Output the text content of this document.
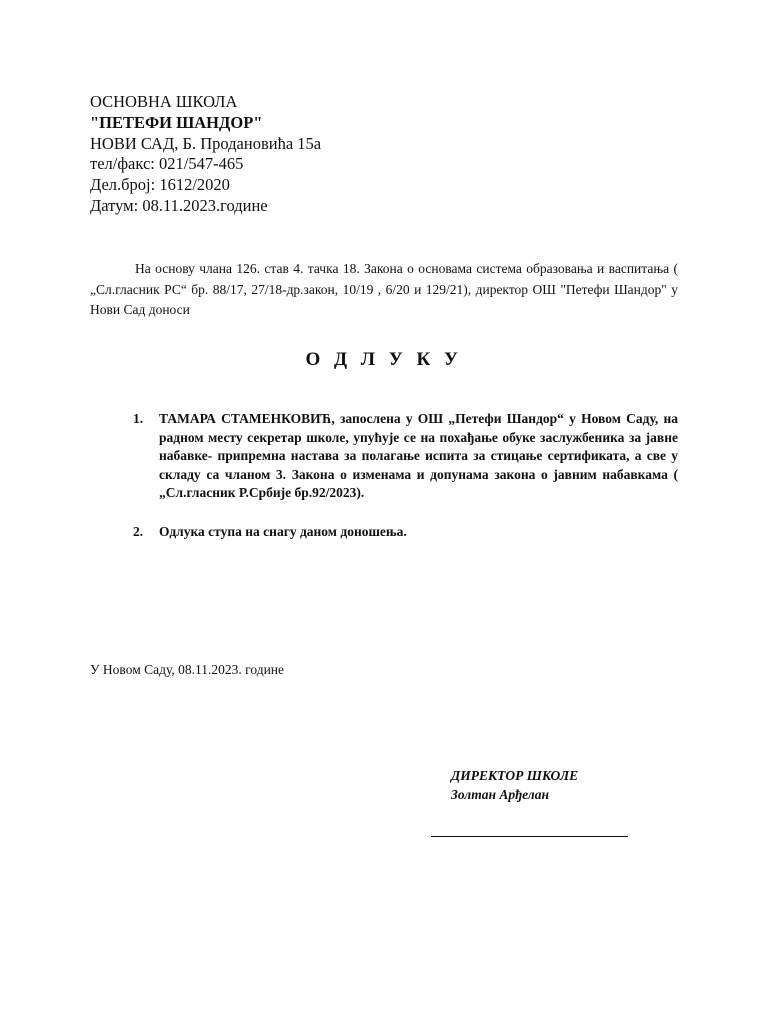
ОСНОВНА ШКОЛА
"ПЕТЕФИ ШАНДОР"
НОВИ САД, Б. Продановића 15а
тел/факс: 021/547-465
Дел.број: 1612/2020
Датум: 08.11.2023.године
На основу члана 126. став 4. тачка 18. Закона о основама система образовања и васпитања ( „Сл.гласник РС“ бр. 88/17, 27/18-др.закон, 10/19 , 6/20 и 129/21), директор ОШ "Петефи Шандор" у Нови Сад доноси
О Д Л У К У
1.	ТАМАРА СТАМЕНКОВИЋ, запослена у ОШ „Петефи Шандор“ у Новом Саду, на радном месту секретар школе, упућује се на похађање обуке заслужбеника за јавне набавке- припремна настава за полагање испита за стицање сертификата, а све у складу са чланом 3. Закона о изменама и допунама закона о јавним набавкама ( „Сл.гласник Р.Србије бр.92/2023).
2.	Одлука ступа на снагу даном доношења.
У Новом Саду, 08.11.2023. године
ДИРЕКТОР ШКОЛЕ
Золтан Арђелан
